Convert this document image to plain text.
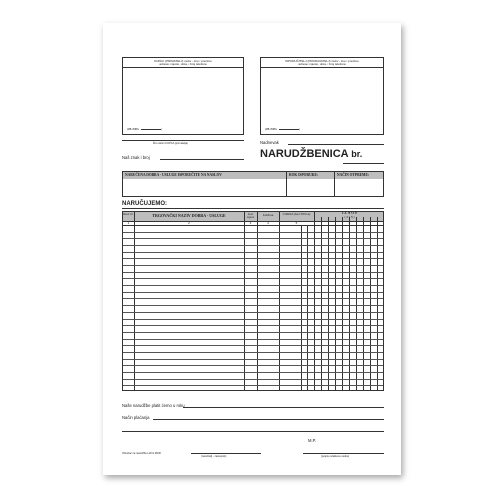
KUPAC (PRIMATELJ) naziv - ime i prezime
adresa: mjesto, ulica, i broj telefona
(MB-JMBG	)
ISPORUČITELJ (PRODAVATELJ) naziv - ime i prezime
adresa: mjesto, ulica, i broj telefona
(MB-JMBG	)
Žiro račun KUPCA (primatelja)	Nadnevak
Naš znak i broj	NARUDŽBENICA br.
NARUČENA DOBRA - USLUGE ISPORUČITE NA NASLOV	ROK ISPORUKE:	NAČIN OTPREME:
NARUČUJEMO:
Red. br.	TRGOVAČKI NAZIV DOBRA - USLUGE	Jed. mjere	Količina	CIJENA (bez PDV-a)	I Z N O S
( 4 x 5 )
1	2	3	4	5	6
Naše narudžbe platit ćemo u roku
Način plaćanja
M.P.
Obrazac za narudžbu Lidl & MOR
(naručitelj - zastupnik)	(potpis ovlaštene osobe)
